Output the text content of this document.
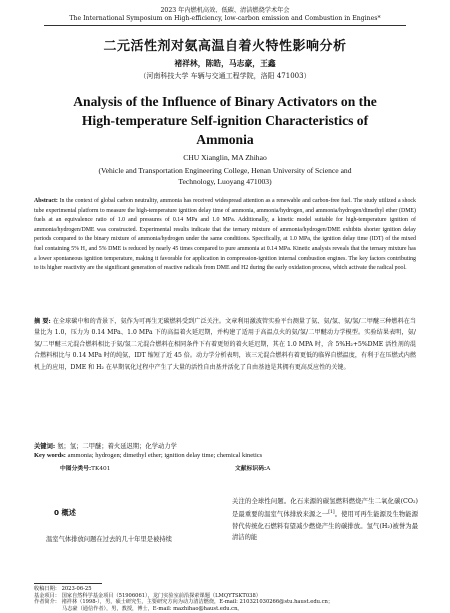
2023 年内燃机高效、低碳、清洁燃烧学术年会
The International Symposium on High-efficiency, low-carbon emission and Combustion in Engines*
二元活性剂对氨高温自着火特性影响分析
褚祥林，陈皓，马志豪，王鑫
（河南科技大学 车辆与交通工程学院，洛阳 471003）
Analysis of the Influence of Binary Activators on the High-temperature Self-ignition Characteristics of Ammonia
CHU Xianglin, MA Zhihao
(Vehicle and Transportation Engineering College, Henan University of Science and Technology, Luoyang 471003)
Abstract: In the context of global carbon neutrality, ammonia has received widespread attention as a renewable and carbon-free fuel. The study utilized a shock tube experimental platform to measure the high-temperature ignition delay time of ammonia, ammonia/hydrogen, and ammonia/hydrogen/dimethyl ether (DME) fuels at an equivalence ratio of 1.0 and pressures of 0.14 MPa and 1.0 MPa. Additionally, a kinetic model suitable for high-temperature ignition of ammonia/hydrogen/DME was constructed. Experimental results indicate that the ternary mixture of ammonia/hydrogen/DME exhibits shorter ignition delay periods compared to the binary mixture of ammonia/hydrogen under the same conditions. Specifically, at 1.0 MPa, the ignition delay time (IDT) of the mixed fuel containing 5% H₂ and 5% DME is reduced by nearly 45 times compared to pure ammonia at 0.14 MPa. Kinetic analysis reveals that the ternary mixture has a lower spontaneous ignition temperature, making it favorable for application in compression-ignition internal combustion engines. The key factors contributing to its higher reactivity are the significant generation of reactive radicals from DME and H2 during the early oxidation process, which activate the radical pool.
摘 要: 在全球碳中和的背景下，氨作为可再生无碳燃料受到广泛关注。文章利用激波管实验平台测量了氨、氨/氢、氨/氢/二甲醚三种燃料在当量比为 1.0，压力为 0.14 MPa、1.0 MPa 下的高温着火延迟期，并构建了适用于高温点火的氨/氢/二甲醚动力学模型。实验结果表明，氨/氢/二甲醚三元混合燃料相比于氨/氢二元混合燃料在相同条件下有着更短的着火延迟期，其在 1.0 MPA 时，含 5%H₂+5%DME 活性剂的混合燃料相比与 0.14 MPa 时的纯氨，IDT 缩短了近 45 倍。动力学分析表明，该三元混合燃料有着更低的临界自燃温度，有利于在压燃式内燃机上的应用，DME 和 H₂ 在早期氧化过程中产生了大量的活性自由基并活化了自由基池是其拥有更高反应性的关键。
关键词: 氨；氢；二甲醚；着火延迟期；化学动力学
Key words: ammonia; hydrogen; dimethyl ether; ignition delay time; chemical kinetics
中图分类号:TK401	文献标识码:A
0 概述
温室气体排放问题在过去的几十年里是被持续
关注的全球性问题。化石来源的碳氢燃料燃烧产生二氧化碳(CO₂)是最重要的温室气体排放来源之一[1]。使用可再生能源及生物能源替代传统化石燃料有望减少燃烧产生的碳排放。氢气(H₂)被誉为最清洁的能
收稿日期： 2023-06-25
基金项目： 国家自然科学基金项目（51906061），龙门实验室前沿探索课题（LMQYTSKT038）
作者简介： 褚祥林（1998-），男，硕士研究生，主要研究方向为动力清洁燃烧，E-mail: 210321030266@stu.haust.edu.cn；
马志豪（通信作者），男，教授，博士，E-mail: mazhihao@haust.edu.cn。
